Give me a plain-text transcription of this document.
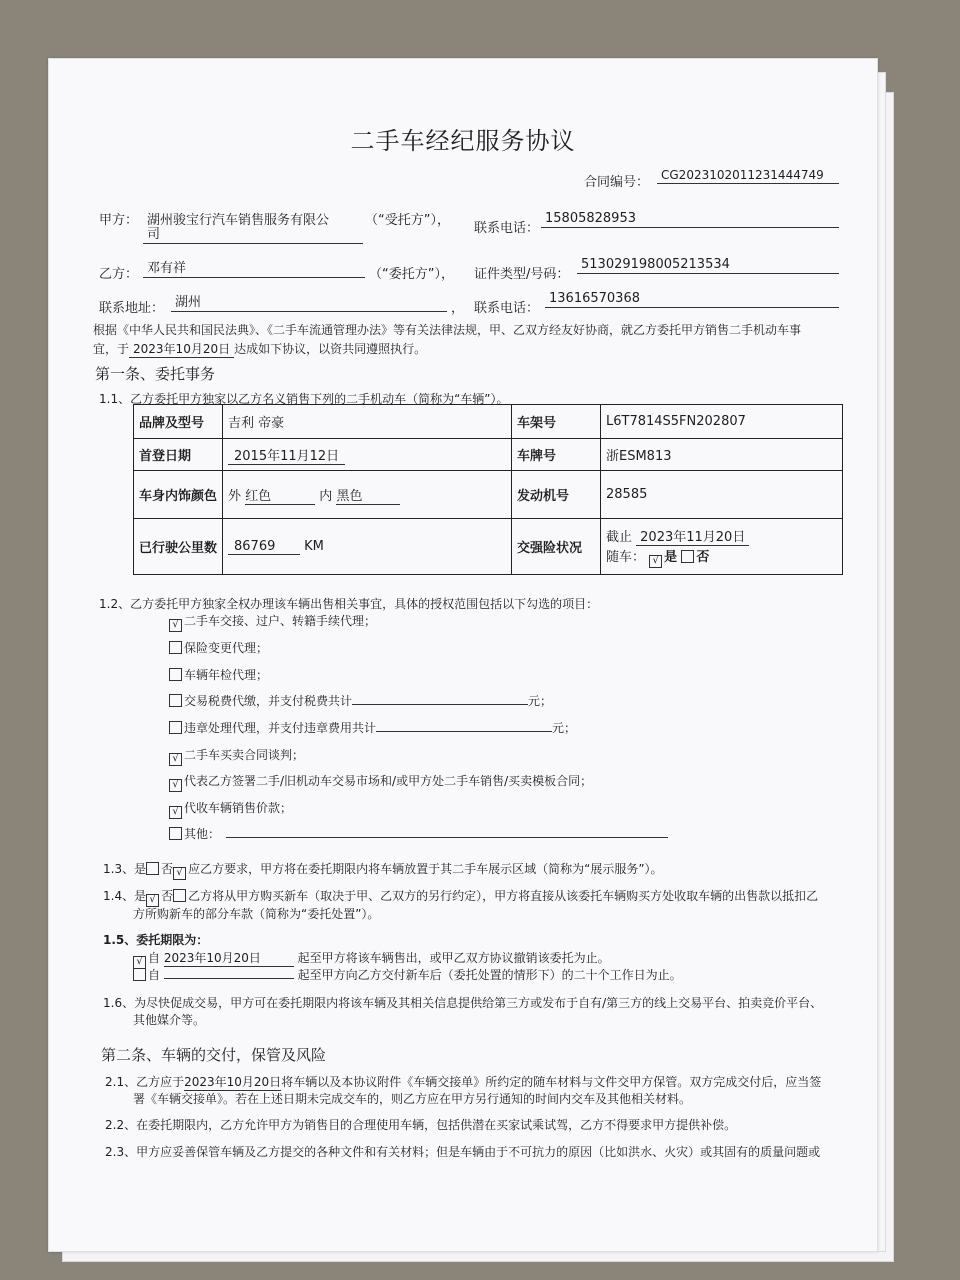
二手车经纪服务协议
合同编号： CG202310201123144474​9
甲方： 湖州骏宝行汽车销售服务有限公
司
（“受托方”），
联系电话：
15805828953
乙方： 邓有祥	（“委托方”）， 证件类型/号码：
513029198005213534
联系地址： 湖州	， 联系电话：
13616570368
根据《中华人民共和国民法典》、《二手车流通管理办法》等有关法律法规，甲、乙双方经友好协商，就乙方委托甲方销售二手机动车事
宜，于 2023年10月20日 达成如下协议，以资共同遵照执行。
第一条、委托事务
1.1、乙方委托甲方独家以乙方名义销售下列的二手机动车（简称为“车辆”）。
品牌及型号	吉利 帝豪	车架号	L6T7814S5FN202807
首登日期	2015年11月12日	车牌号	浙ESM813
车身内饰颜色	外 红色 内 黑色	发动机号	28585
已行驶公里数	86769 KM	交强险状况	截止 2023年11月20日
随车： √ 是 否
1.2、乙方委托甲方独家全权办理该车辆出售相关事宜，具体的授权范围包括以下勾选的项目：
√ 二手车交接、过户、转籍手续代理；
保险变更代理；
车辆年检代理；
交易税费代缴，并支付税费共计	元；
违章处理代理，并支付违章费用共计	元；
√ 二手车买卖合同谈判；
√ 代表乙方签署二手/旧机动车交易市场和/或甲方处二手车销售/买卖模板合同；
√ 代收车辆销售价款；
其他：
1.3、是 否 √ 应乙方要求，甲方将在委托期限内将车辆放置于其二手车展示区域（简称为“展示服务”）。
1.4、是 √ 否 乙方将从甲方购买新车（取决于甲、乙双方的另行约定），甲方将直接从该委托车辆购买方处收取车辆的出售款以抵扣乙
方所购新车的部分车款（简称为“委托处置”）。
1.5、委托期限为：
√ 自 2023年10月20日	起至甲方将该车辆售出，或甲乙双方协议撤销该委托为止。
自	起至甲方向乙方交付新车后（委托处置的情形下）的二十个工作日为止。
1.6、为尽快促成交易，甲方可在委托期限内将该车辆及其相关信息提供给第三方或发布于自有/第三方的线上交易平台、拍卖竞价平台、
其他媒介等。
第二条、车辆的交付，保管及风险
2.1、乙方应于2023年10月20日将车辆以及本协议附件《车辆交接单》所约定的随车材料与文件交甲方保管。双方完成交付后，应当签
署《车辆交接单》。若在上述日期未完成交车的，则乙方应在甲方另行通知的时间内交车及其他相关材料。
2.2、在委托期限内，乙方允许甲方为销售目的合理使用车辆，包括供潜在买家试乘试驾，乙方不得要求甲方提供补偿。
2.3、甲方应妥善保管车辆及乙方提交的各种文件和有关材料；但是车辆由于不可抗力的原因（比如洪水、火灾）或其固有的质量问题或
